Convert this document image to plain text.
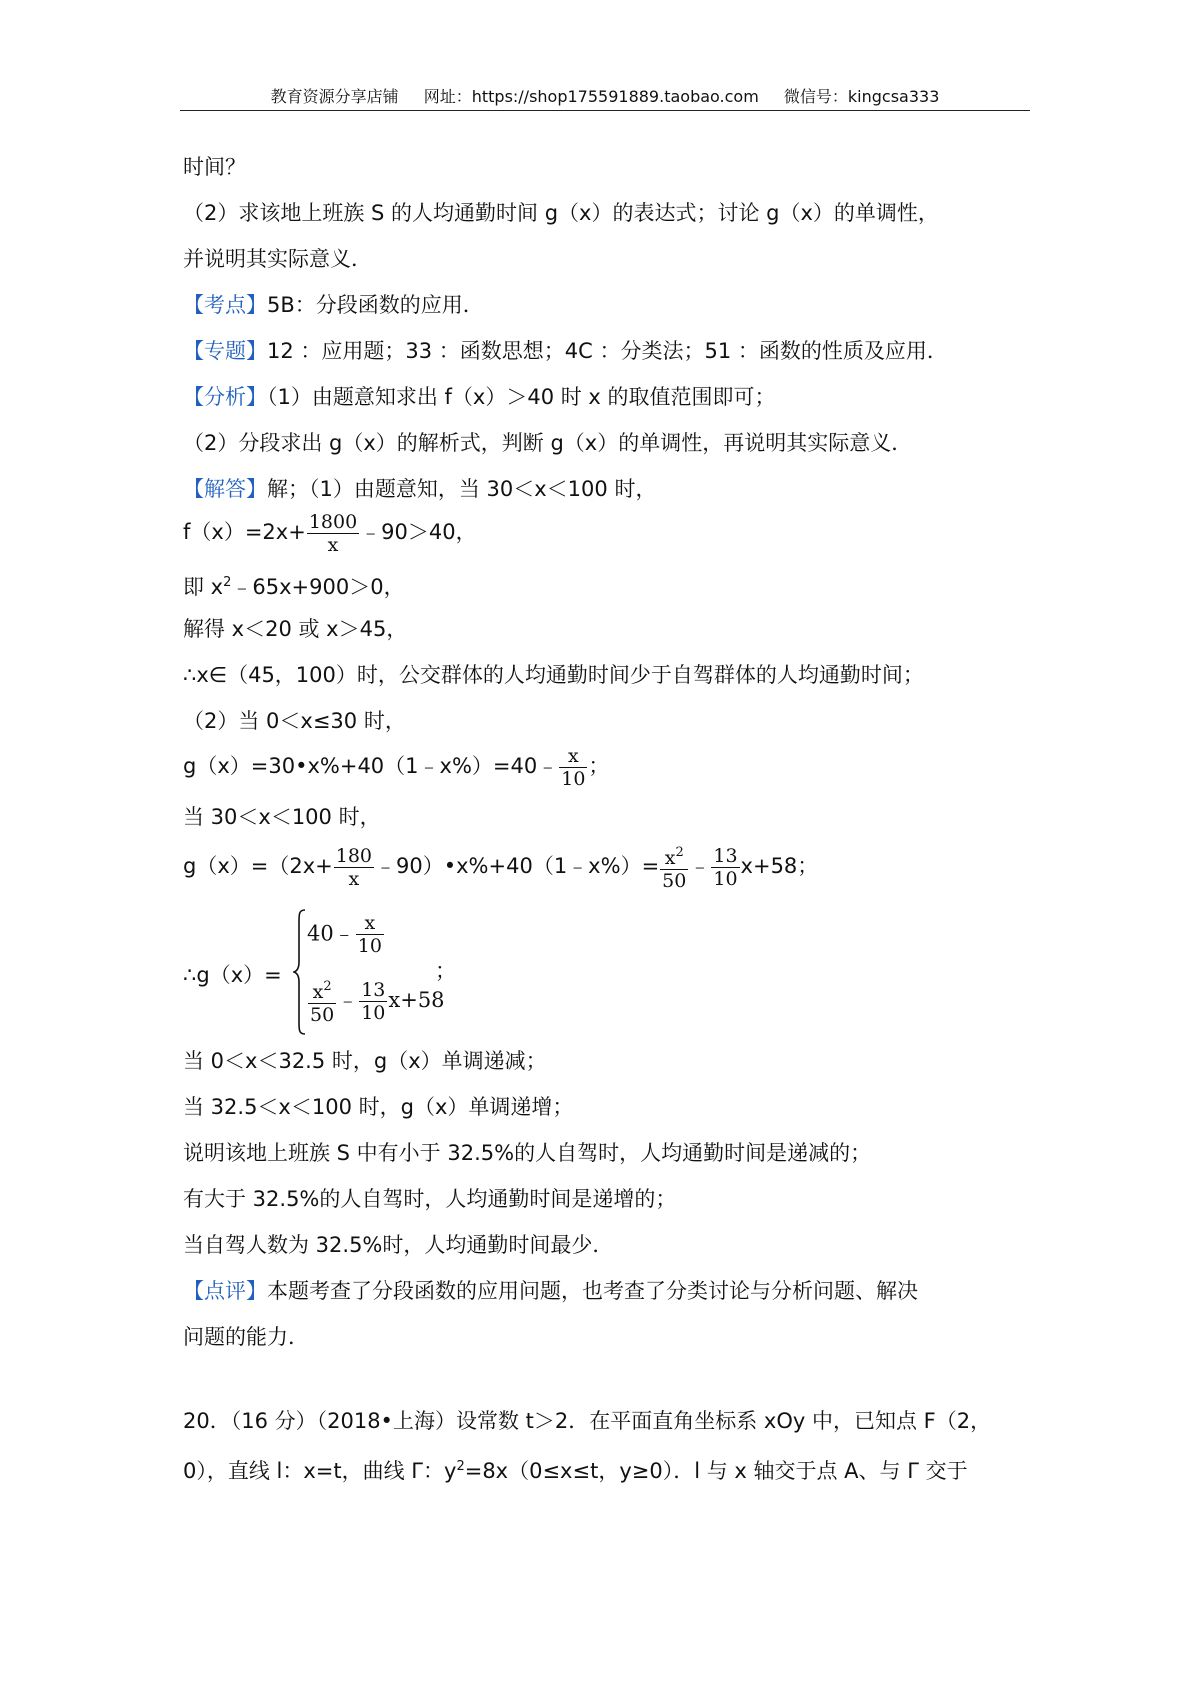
教育资源分享店铺 网址：https://shop175591889.taobao.com 微信号：kingcsa333
时间？
（2）求该地上班族 S 的人均通勤时间 g（x）的表达式；讨论 g（x）的单调性，
并说明其实际意义．
【考点】5B：分段函数的应用．
【专题】12 ：应用题；33 ：函数思想；4C ：分类法；51 ：函数的性质及应用．
【分析】（1）由题意知求出 f（x）＞40 时 x 的取值范围即可；
（2）分段求出 g（x）的解析式，判断 g（x）的单调性，再说明其实际意义．
【解答】解；（1）由题意知，当 30＜x＜100 时，
$f(x)=2x+ \frac{1800}{x}$ ﹣90＞40，
即 $x^2﹣65x+900>0$，
解得 x＜20 或 x＞45，
∴x∈（45，100）时，公交群体的人均通勤时间少于自驾群体的人均通勤时间；
（2）当 0＜x≤30 时，
g（x）=30•x%+40（1﹣x%）=40﹣ $\frac{x}{10}$ ；
当 30＜x＜100 时，
$g(x)=(2x+ \frac{180}{x}$ ﹣90）•x%+40（1﹣x%）= $\frac{x^2}{50}$ ﹣ $\frac{13}{10} x+58$；
∴g（x）=
40﹣ $\frac{x}{10}$
$\frac{x^2}{50}$ ﹣ $\frac{13}{10} x+58$
；
当 0＜x＜32.5 时，g（x）单调递减；
当 32.5＜x＜100 时，g（x）单调递增；
说明该地上班族 S 中有小于 32.5%的人自驾时，人均通勤时间是递减的；
有大于 32.5%的人自驾时，人均通勤时间是递增的；
当自驾人数为 32.5%时，人均通勤时间最少．
【点评】本题考查了分段函数的应用问题，也考查了分类讨论与分析问题、解决
问题的能力．
20．（16 分）（2018•上海）设常数 t＞2．在平面直角坐标系 xOy 中，已知点 F（2，
0），直线 l：x=t，曲线 Γ：$y^2=8x(0\le x\le t$，y≥0）．l 与 x 轴交于点 A、与 Γ 交于
